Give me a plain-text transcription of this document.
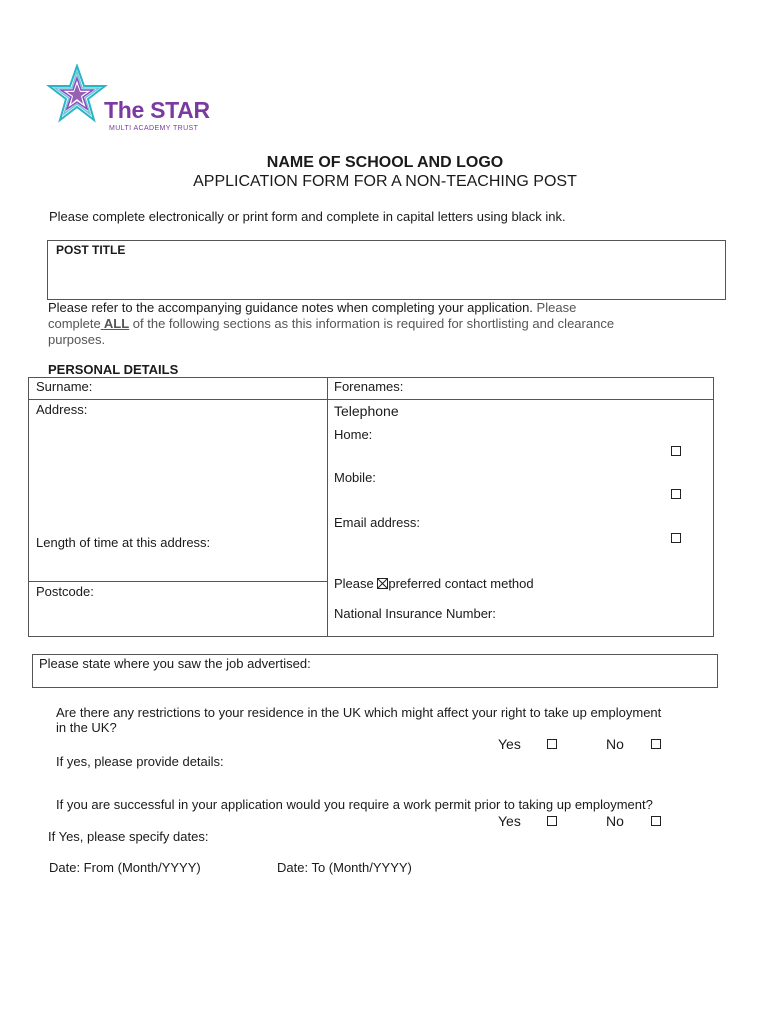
The STAR
MULTI ACADEMY TRUST
NAME OF SCHOOL AND LOGO
APPLICATION FORM FOR A NON-TEACHING POST
Please complete electronically or print form and complete in capital letters using black ink.
POST TITLE
Please refer to the accompanying guidance notes when completing your application. Please
complete ALL of the following sections as this information is required for shortlisting and clearance
purposes.
PERSONAL DETAILS
Surname:	Forenames:
Address:	Telephone
Home:
Mobile:
Email address:
Length of time at this address:
Postcode:
Please preferred contact method
National Insurance Number:
Please state where you saw the job advertised:
Are there any restrictions to your residence in the UK which might affect your right to take up employment
in the UK?
Yes	No
If yes, please provide details:
If you are successful in your application would you require a work permit prior to taking up employment?
Yes	No
If Yes, please specify dates:
Date: From (Month/YYYY)	Date: To (Month/YYYY)
